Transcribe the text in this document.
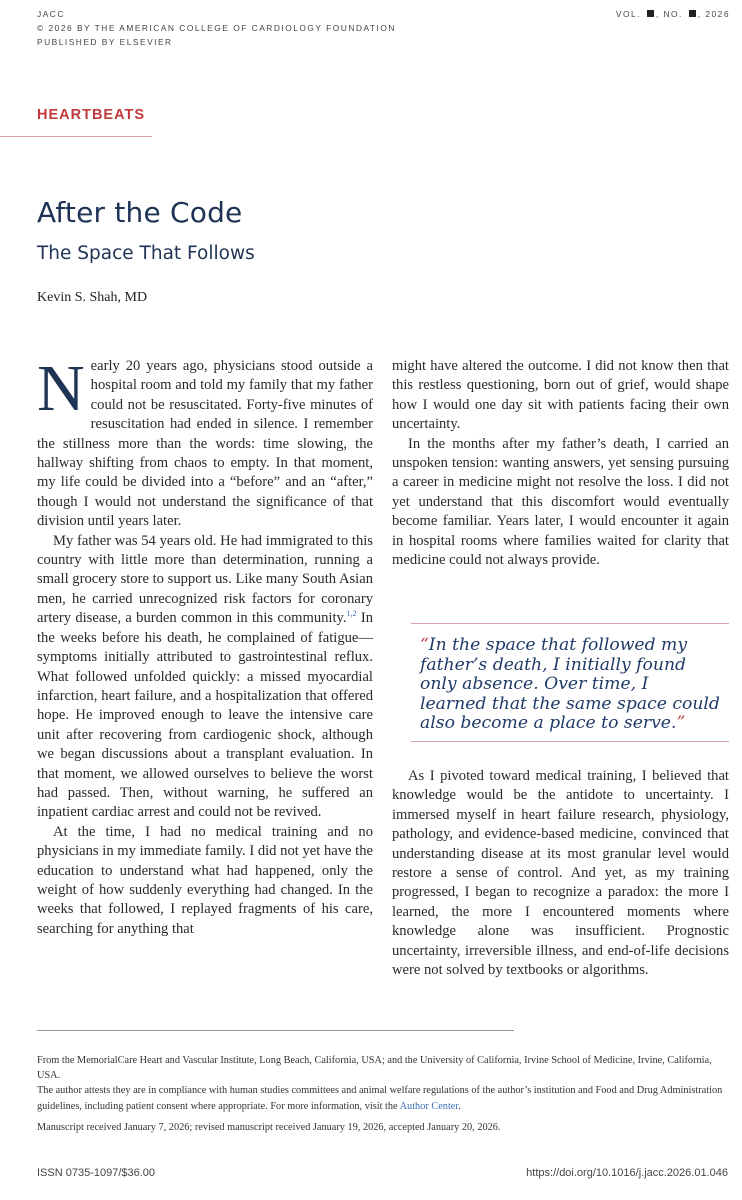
JACC
© 2026 BY THE AMERICAN COLLEGE OF CARDIOLOGY FOUNDATION
PUBLISHED BY ELSEVIER
VOL. , NO. , 2026
HEARTBEATS
After the Code
The Space That Follows
Kevin S. Shah, MD

Nearly 20 years ago, physicians stood outside a hospital room and told my family that my father could not be resuscitated. Forty-five minutes of resuscitation had ended in silence. I remember the stillness more than the words: time slowing, the hallway shifting from chaos to empty. In that moment, my life could be divided into a “before” and an “after,” though I would not understand the significance of that division until years later.

My father was 54 years old. He had immigrated to this country with little more than determination, running a small grocery store to support us. Like many South Asian men, he carried unrecognized risk factors for coronary artery disease, a burden common in this community.$^{1,2}$ In the weeks before his death, he complained of fatigue—symptoms initially attributed to gastrointestinal reflux. What followed unfolded quickly: a missed myocardial infarction, heart failure, and a hospitalization that offered hope. He improved enough to leave the intensive care unit after recovering from cardiogenic shock, although we began discussions about a transplant evaluation. In that moment, we allowed ourselves to believe the worst had passed. Then, without warning, he suffered an inpatient cardiac arrest and could not be revived.

At the time, I had no medical training and no physicians in my immediate family. I did not yet have the education to understand what had happened, only the weight of how suddenly everything had changed. In the weeks that followed, I replayed fragments of his care, searching for anything that

might have altered the outcome. I did not know then that this restless questioning, born out of grief, would shape how I would one day sit with patients facing their own uncertainty.

In the months after my father’s death, I carried an unspoken tension: wanting answers, yet sensing pursuing a career in medicine might not resolve the loss. I did not yet understand that this discomfort would eventually become familiar. Years later, I would encounter it again in hospital rooms where families waited for clarity that medicine could not always provide.

“In the space that followed my father’s death, I initially found only absence. Over time, I learned that the same space could also become a place to serve.”

As I pivoted toward medical training, I believed that knowledge would be the antidote to uncertainty. I immersed myself in heart failure research, physiology, pathology, and evidence-based medicine, convinced that understanding disease at its most granular level would restore a sense of control. And yet, as my training progressed, I began to recognize a paradox: the more I learned, the more I encountered moments where knowledge alone was insufficient. Prognostic uncertainty, irreversible illness, and end-of-life decisions were not solved by textbooks or algorithms.

From the MemorialCare Heart and Vascular Institute, Long Beach, California, USA; and the University of California, Irvine School of Medicine, Irvine, California, USA.

The author attests they are in compliance with human studies committees and animal welfare regulations of the author’s institution and Food and Drug Administration guidelines, including patient consent where appropriate. For more information, visit the Author Center.

Manuscript received January 7, 2026; revised manuscript received January 19, 2026, accepted January 20, 2026.

ISSN 0735-1097/$36.00	https://doi.org/10.1016/j.jacc.2026.01.046
